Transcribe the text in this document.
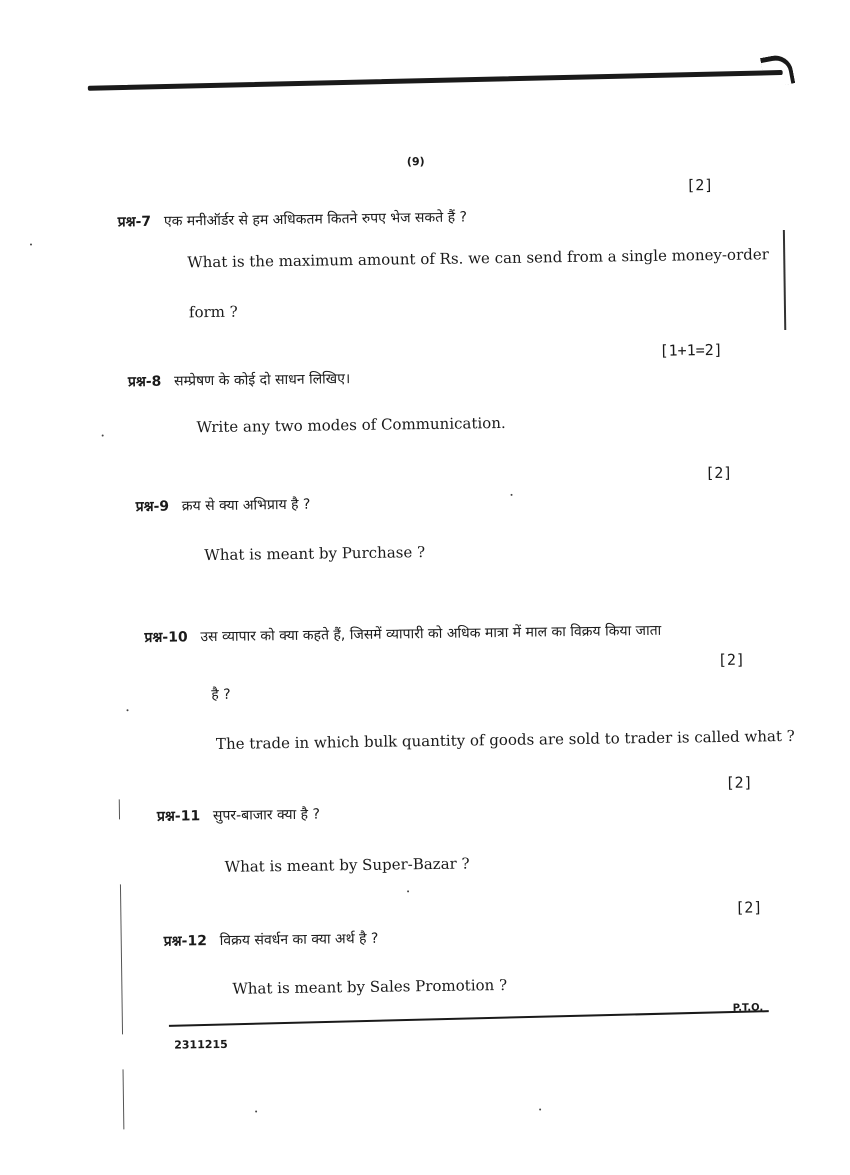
(9)
प्रश्न-7 एक मनीऑर्डर से हम अधिकतम कितने रुपए भेज सकते हैं ?
[2]
What is the maximum amount of Rs. we can send from a single money-order
form ?
प्रश्न-8 सम्प्रेषण के कोई दो साधन लिखिए।
[1+1=2]
Write any two modes of Communication.
प्रश्न-9 क्रय से क्या अभिप्राय है ?
[2]
What is meant by Purchase ?
प्रश्न-10 उस व्यापार को क्या कहते हैं, जिसमें व्यापारी को अधिक मात्रा में माल का विक्रय किया जाता
है ?
[2]
The trade in which bulk quantity of goods are sold to trader is called what ?
प्रश्न-11 सुपर-बाजार क्या है ?
[2]
What is meant by Super-Bazar ?
प्रश्न-12 विक्रय संवर्धन का क्या अर्थ है ?
[2]
What is meant by Sales Promotion ?
P.T.O.
2311215
